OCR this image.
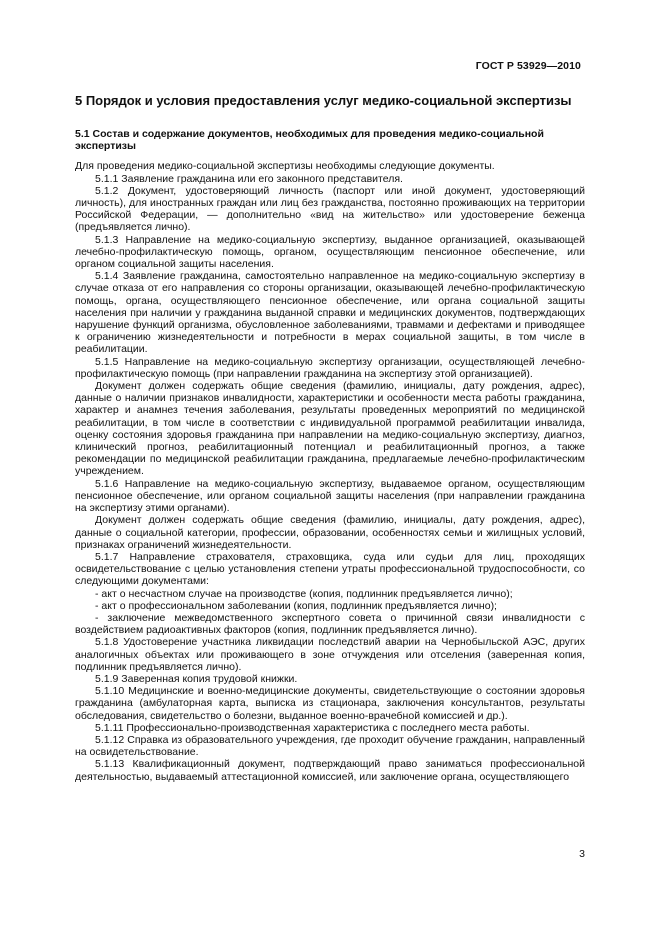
ГОСТ Р 53929—2010
5 Порядок и условия предоставления услуг медико-социальной экспертизы
5.1 Состав и содержание документов, необходимых для проведения медико-социальной экспертизы

Для проведения медико-социальной экспертизы необходимы следующие документы.

5.1.1 Заявление гражданина или его законного представителя.

5.1.2 Документ, удостоверяющий личность (паспорт или иной документ, удостоверяющий личность), для иностранных граждан или лиц без гражданства, постоянно проживающих на территории Российской Федерации, — дополнительно «вид на жительство» или удостоверение беженца (предъявляется лично).

5.1.3 Направление на медико-социальную экспертизу, выданное организацией, оказывающей лечебно-профилактическую помощь, органом, осуществляющим пенсионное обеспечение, или органом социальной защиты населения.

5.1.4 Заявление гражданина, самостоятельно направленное на медико-социальную экспертизу в случае отказа от его направления со стороны организации, оказывающей лечебно-профилактическую помощь, органа, осуществляющего пенсионное обеспечение, или органа социальной защиты населения при наличии у гражданина выданной справки и медицинских документов, подтверждающих нарушение функций организма, обусловленное заболеваниями, травмами и дефектами и приводящее к ограничению жизнедеятельности и потребности в мерах социальной защиты, в том числе в реабилитации.

5.1.5 Направление на медико-социальную экспертизу организации, осуществляющей лечебно-профилактическую помощь (при направлении гражданина на экспертизу этой организацией).

Документ должен содержать общие сведения (фамилию, инициалы, дату рождения, адрес), данные о наличии признаков инвалидности, характеристики и особенности места работы гражданина, характер и анамнез течения заболевания, результаты проведенных мероприятий по медицинской реабилитации, в том числе в соответствии с индивидуальной программой реабилитации инвалида, оценку состояния здоровья гражданина при направлении на медико-социальную экспертизу, диагноз, клинический прогноз, реабилитационный потенциал и реабилитационный прогноз, а также рекомендации по медицинской реабилитации гражданина, предлагаемые лечебно-профилактическим учреждением.

5.1.6 Направление на медико-социальную экспертизу, выдаваемое органом, осуществляющим пенсионное обеспечение, или органом социальной защиты населения (при направлении гражданина на экспертизу этими органами).

Документ должен содержать общие сведения (фамилию, инициалы, дату рождения, адрес), данные о социальной категории, профессии, образовании, особенностях семьи и жилищных условий, признаках ограничений жизнедеятельности.

5.1.7 Направление страхователя, страховщика, суда или судьи для лиц, проходящих освидетельствование с целью установления степени утраты профессиональной трудоспособности, со следующими документами:

- акт о несчастном случае на производстве (копия, подлинник предъявляется лично);

- акт о профессиональном заболевании (копия, подлинник предъявляется лично);

- заключение межведомственного экспертного совета о причинной связи инвалидности с воздействием радиоактивных факторов (копия, подлинник предъявляется лично).

5.1.8 Удостоверение участника ликвидации последствий аварии на Чернобыльской АЭС, других аналогичных объектах или проживающего в зоне отчуждения или отселения (заверенная копия, подлинник предъявляется лично).

5.1.9 Заверенная копия трудовой книжки.

5.1.10 Медицинские и военно-медицинские документы, свидетельствующие о состоянии здоровья гражданина (амбулаторная карта, выписка из стационара, заключения консультантов, результаты обследования, свидетельство о болезни, выданное военно-врачебной комиссией и др.).

5.1.11 Профессионально-производственная характеристика с последнего места работы.

5.1.12 Справка из образовательного учреждения, где проходит обучение гражданин, направленный на освидетельствование.

5.1.13 Квалификационный документ, подтверждающий право заниматься профессиональной деятельностью, выдаваемый аттестационной комиссией, или заключение органа, осуществляющего

3
